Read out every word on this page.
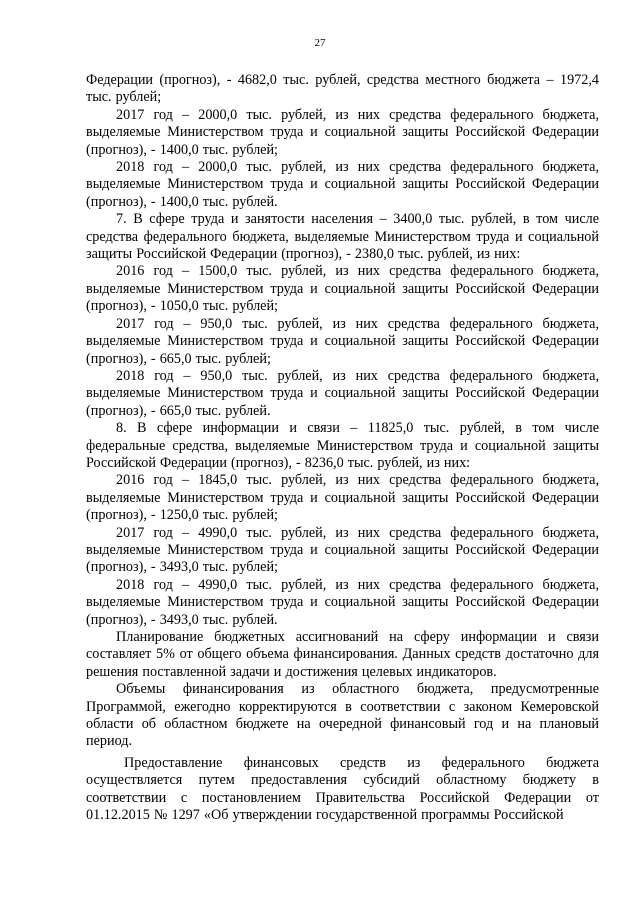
27

Федерации (прогноз), - 4682,0 тыс. рублей, средства местного бюджета – 1972,4 тыс. рублей;

2017 год – 2000,0 тыс. рублей, из них средства федерального бюджета, выделяемые Министерством труда и социальной защиты Российской Федерации (прогноз), - 1400,0 тыс. рублей;

2018 год – 2000,0 тыс. рублей, из них средства федерального бюджета, выделяемые Министерством труда и социальной защиты Российской Федерации (прогноз), - 1400,0 тыс. рублей.

7. В сфере труда и занятости населения – 3400,0 тыс. рублей, в том числе средства федерального бюджета, выделяемые Министерством труда и социальной защиты Российской Федерации (прогноз), - 2380,0 тыс. рублей, из них:

2016 год – 1500,0 тыс. рублей, из них средства федерального бюджета, выделяемые Министерством труда и социальной защиты Российской Федерации (прогноз), - 1050,0 тыс. рублей;

2017 год – 950,0 тыс. рублей, из них средства федерального бюджета, выделяемые Министерством труда и социальной защиты Российской Федерации (прогноз), - 665,0 тыс. рублей;

2018 год – 950,0 тыс. рублей, из них средства федерального бюджета, выделяемые Министерством труда и социальной защиты Российской Федерации (прогноз), - 665,0 тыс. рублей.

8. В сфере информации и связи – 11825,0 тыс. рублей, в том числе федеральные средства, выделяемые Министерством труда и социальной защиты Российской Федерации (прогноз), - 8236,0 тыс. рублей, из них:

2016 год – 1845,0 тыс. рублей, из них средства федерального бюджета, выделяемые Министерством труда и социальной защиты Российской Федерации (прогноз), - 1250,0 тыс. рублей;

2017 год – 4990,0 тыс. рублей, из них средства федерального бюджета, выделяемые Министерством труда и социальной защиты Российской Федерации (прогноз), - 3493,0 тыс. рублей;

2018 год – 4990,0 тыс. рублей, из них средства федерального бюджета, выделяемые Министерством труда и социальной защиты Российской Федерации (прогноз), - 3493,0 тыс. рублей.

Планирование бюджетных ассигнований на сферу информации и связи составляет 5% от общего объема финансирования. Данных средств достаточно для решения поставленной задачи и достижения целевых индикаторов.

Объемы финансирования из областного бюджета, предусмотренные Программой, ежегодно корректируются в соответствии с законом Кемеровской области об областном бюджете на очередной финансовый год и на плановый период.

Предоставление финансовых средств из федерального бюджета осуществляется путем предоставления субсидий областному бюджету в соответствии с постановлением Правительства Российской Федерации от 01.12.2015 № 1297 «Об утверждении государственной программы Российской
